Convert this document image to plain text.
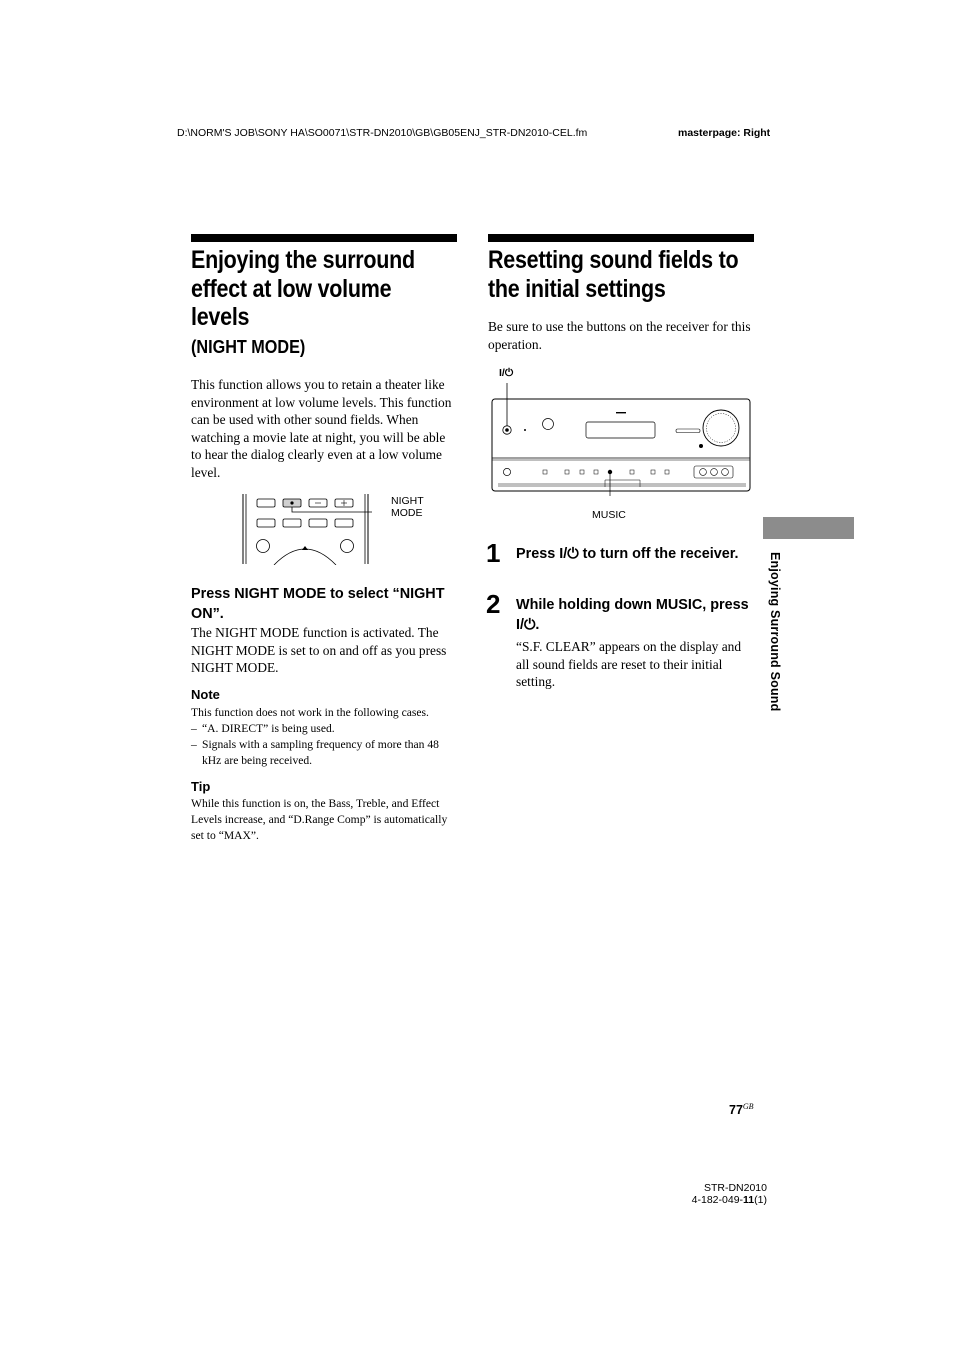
D:\NORM'S JOB\SONY HA\SO0071\STR-DN2010\GB\GB05ENJ_STR-DN2010-CEL.fm	masterpage: Right
Enjoying the surround
effect at low volume
levels
(NIGHT MODE)
This function allows you to retain a theater like environment at low volume levels. This function can be used with other sound fields. When watching a movie late at night, you will be able to hear the dialog clearly even at a low volume level.
NIGHT
MODE
Press NIGHT MODE to select “NIGHT ON”.
The NIGHT MODE function is activated. The NIGHT MODE is set to on and off as you press NIGHT MODE.
Note
This function does not work in the following cases.
– “A. DIRECT” is being used.
– Signals with a sampling frequency of more than 48 kHz are being received.
Tip
While this function is on, the Bass, Treble, and Effect Levels increase, and “D.Range Comp” is automatically set to “MAX”.
Resetting sound fields to
the initial settings
Be sure to use the buttons on the receiver for this operation.
I/⏻
MUSIC
1 Press I/⏻ to turn off the receiver.
2 While holding down MUSIC, press I/⏻.
“S.F. CLEAR” appears on the display and all sound fields are reset to their initial setting.	Enjoying Surround Sound
$77^{GB}$
STR-DN2010
4-182-049-11(1)
